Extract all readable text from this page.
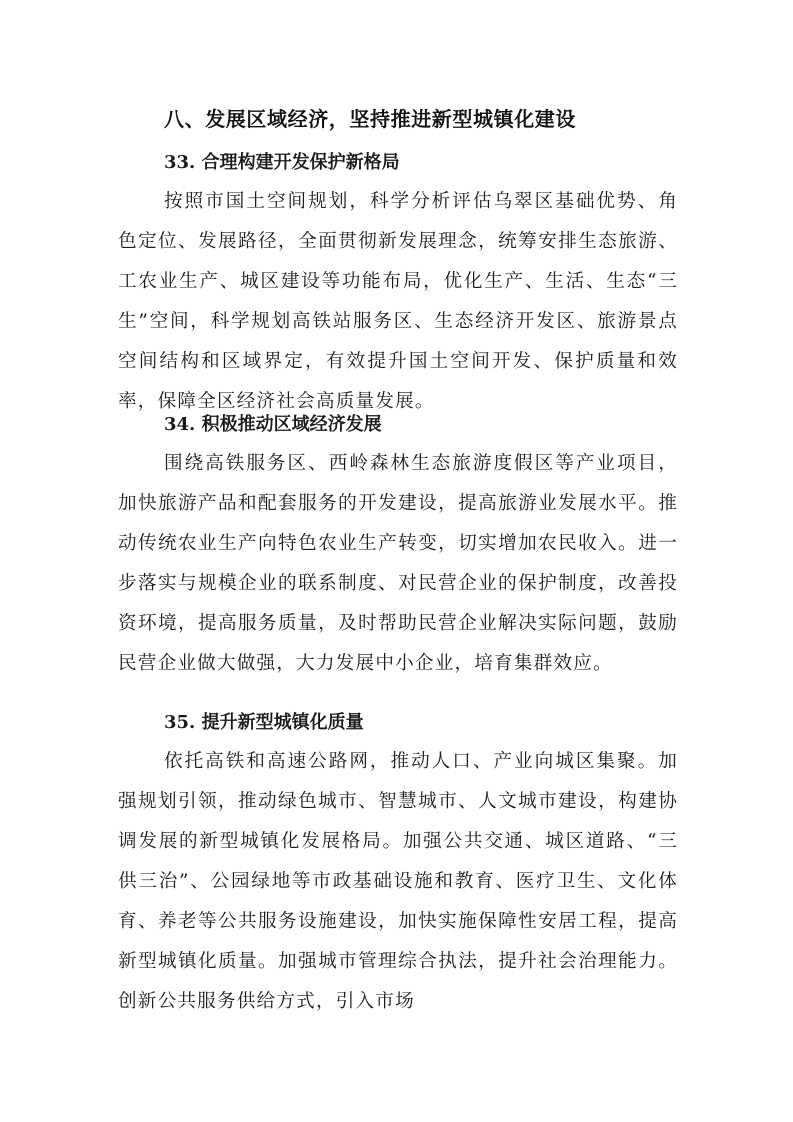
八、发展区域经济，坚持推进新型城镇化建设

33. 合理构建开发保护新格局

按照市国土空间规划，科学分析评估乌翠区基础优势、角色定位、发展路径，全面贯彻新发展理念，统筹安排生态旅游、工农业生产、城区建设等功能布局，优化生产、生活、生态“三生”空间，科学规划高铁站服务区、生态经济开发区、旅游景点空间结构和区域界定，有效提升国土空间开发、保护质量和效率，保障全区经济社会高质量发展。

34. 积极推动区域经济发展

围绕高铁服务区、西岭森林生态旅游度假区等产业项目，加快旅游产品和配套服务的开发建设，提高旅游业发展水平。推动传统农业生产向特色农业生产转变，切实增加农民收入。进一步落实与规模企业的联系制度、对民营企业的保护制度，改善投资环境，提高服务质量，及时帮助民营企业解决实际问题，鼓励民营企业做大做强，大力发展中小企业，培育集群效应。

35. 提升新型城镇化质量

依托高铁和高速公路网，推动人口、产业向城区集聚。加强规划引领，推动绿色城市、智慧城市、人文城市建设，构建协调发展的新型城镇化发展格局。加强公共交通、城区道路、“三供三治”、公园绿地等市政基础设施和教育、医疗卫生、文化体育、养老等公共服务设施建设，加快实施保障性安居工程，提高新型城镇化质量。加强城市管理综合执法，提升社会治理能力。创新公共服务供给方式，引入市场
